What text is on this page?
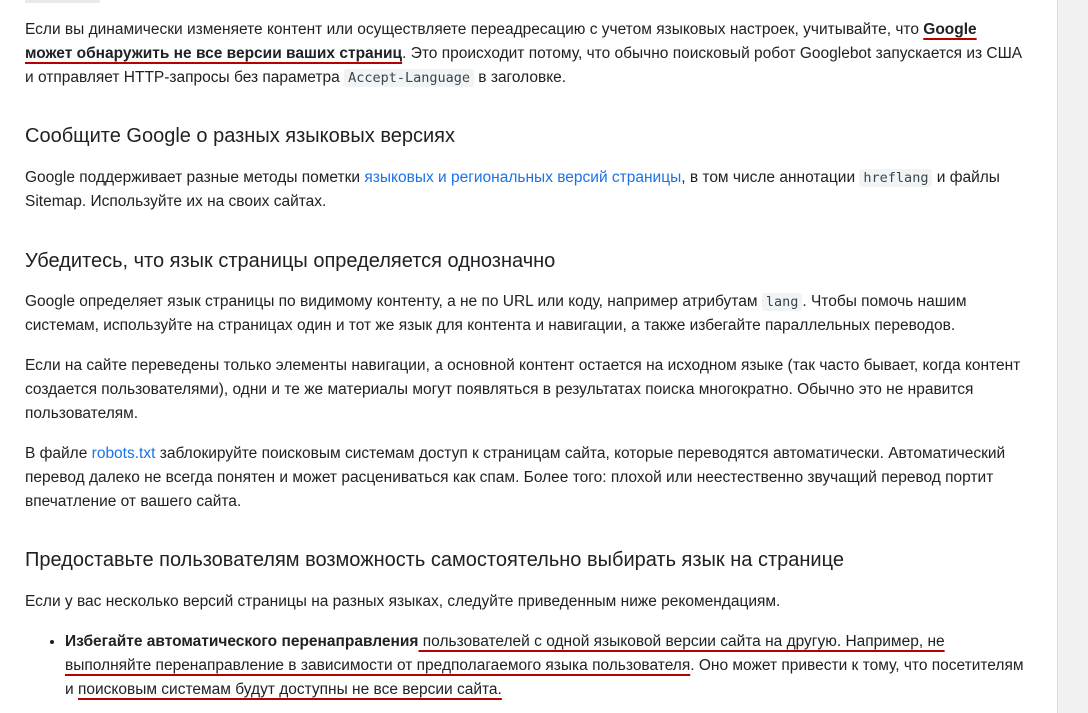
Если вы динамически изменяете контент или осуществляете переадресацию с учетом языковых настроек, учитывайте, что Google может обнаружить не все версии ваших страниц. Это происходит потому, что обычно поисковый робот Googlebot запускается из США и отправляет HTTP-запросы без параметра Accept-Language в заголовке.

Сообщите Google о разных языковых версиях

Google поддерживает разные методы пометки языковых и региональных версий страницы, в том числе аннотации hreflang и файлы Sitemap. Используйте их на своих сайтах.

Убедитесь, что язык страницы определяется однозначно

Google определяет язык страницы по видимому контенту, а не по URL или коду, например атрибутам lang . Чтобы помочь нашим системам, используйте на страницах один и тот же язык для контента и навигации, а также избегайте параллельных переводов.

Если на сайте переведены только элементы навигации, а основной контент остается на исходном языке (так часто бывает, когда контент создается пользователями), одни и те же материалы могут появляться в результатах поиска многократно. Обычно это не нравится пользователям.

В файле robots.txt заблокируйте поисковым системам доступ к страницам сайта, которые переводятся автоматически. Автоматический перевод далеко не всегда понятен и может расцениваться как спам. Более того: плохой или неестественно звучащий перевод портит впечатление от вашего сайта.

Предоставьте пользователям возможность самостоятельно выбирать язык на странице

Если у вас несколько версий страницы на разных языках, следуйте приведенным ниже рекомендациям.

• Избегайте автоматического перенаправления пользователей с одной языковой версии сайта на другую. Например, не выполняйте перенаправление в зависимости от предполагаемого языка пользователя. Оно может привести к тому, что посетителям и поисковым системам будут доступны не все версии сайта.
